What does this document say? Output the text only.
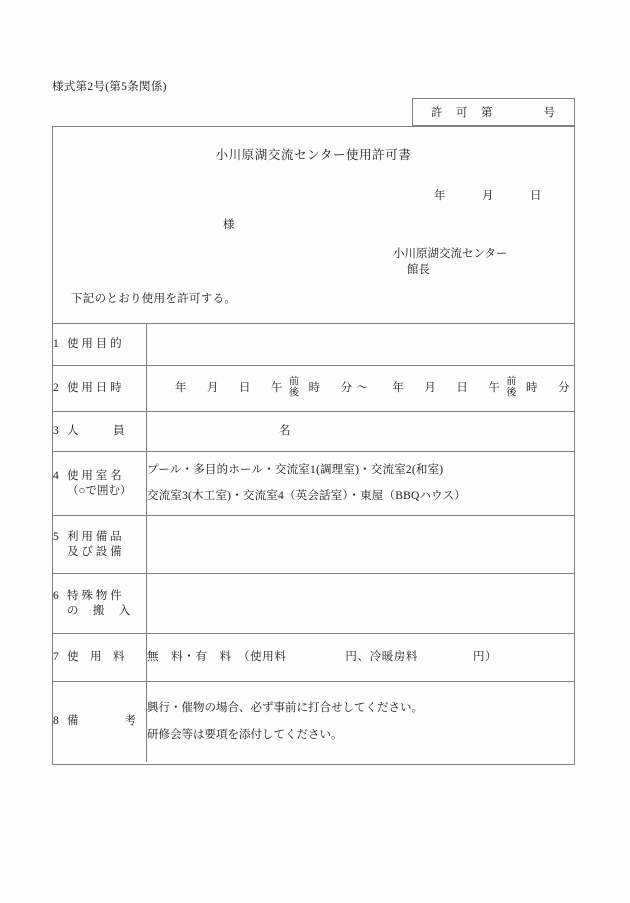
様式第2号(第5条関係)
許　可　第　　　　号
小川原湖交流センター使用許可書
年　　　月　　　日
様
小川原湖交流センター
館長
下記のとおり使用を許可する。
1 使 用 目 的	

2 使 用 日 時	年　月　日　午 前
後 時　分～ 年　月　日　午 前
後 時　分

3 人　　　員	名

4 使 用 室 名
（○で囲む）	プール・多目的ホール・交流室1(調理室)・交流室2(和室)
交流室3(木工室)・交流室4（英会話室）・東屋（BBQハウス）

5 利 用 備 品
及 び 設 備	

6 特 殊 物 件
の　 搬　 入	

7 使　用　料	無　料・有　料　（使用料 円、冷暖房料 円）

8 備　　　　考	興行・催物の場合、必ず事前に打合せしてください。
研修会等は要項を添付してください。
